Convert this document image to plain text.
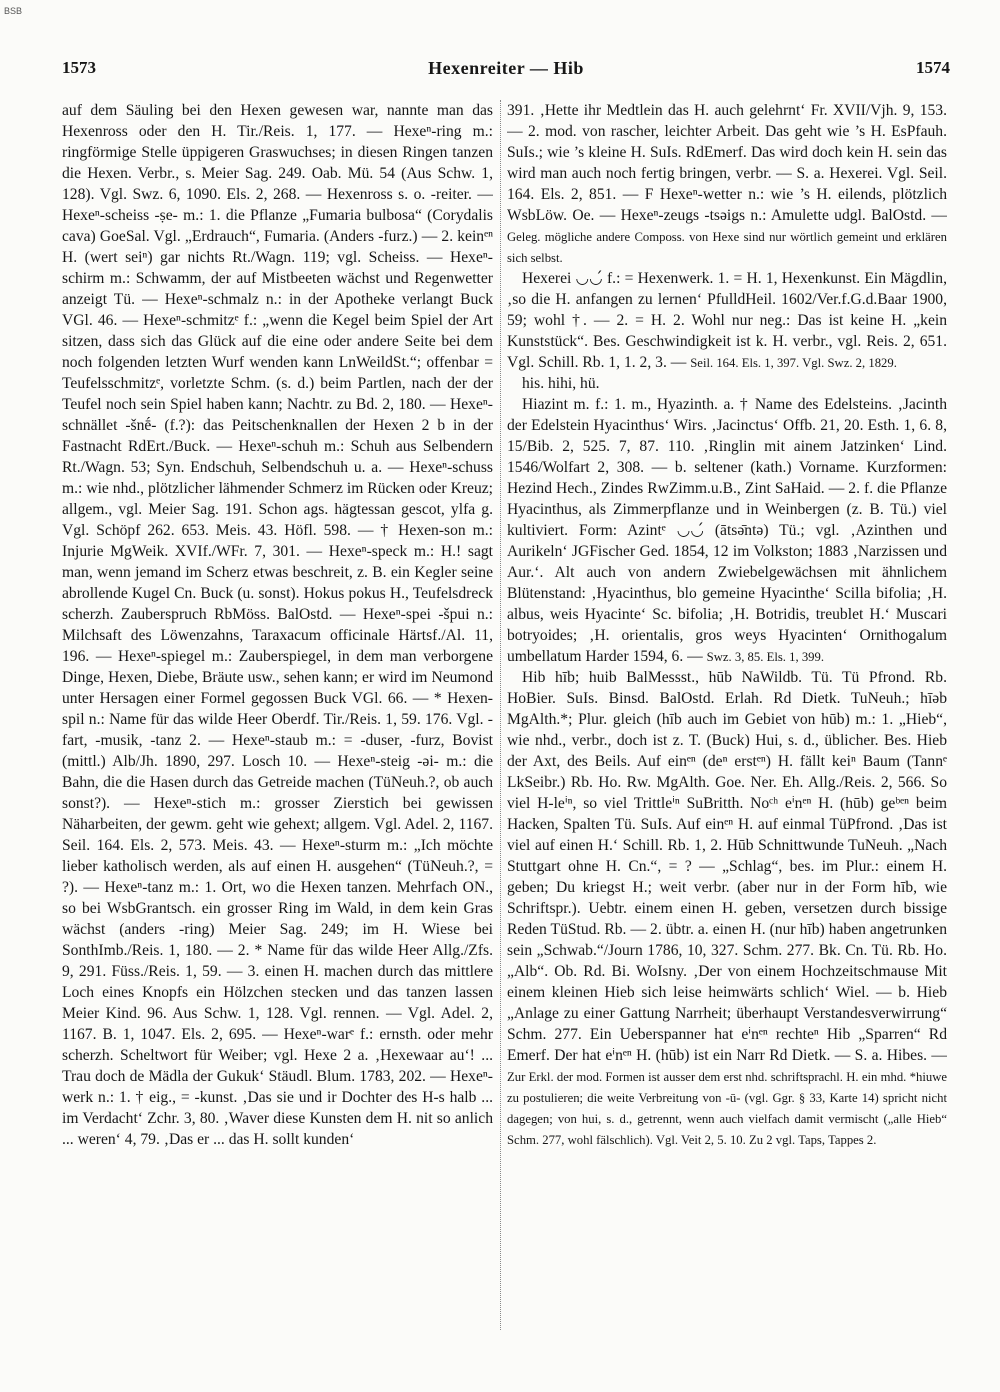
BSB
1573	Hexenreiter — Hib	1574

auf dem Säuling bei den Hexen gewesen war, nannte man das Hexenross oder den H. Tir./Reis. 1, 177. — Hexeⁿ-ring m.: ringförmige Stelle üppigeren Graswuchses; in diesen Ringen tanzen die Hexen. Verbr., s. Meier Sag. 249. Oab. Mü. 54 (Aus Schw. 1, 128). Vgl. Swz. 6, 1090. Els. 2, 268. — Hexenross s. o. -reiter. — Hexeⁿ-scheiss -ṣe- m.: 1. die Pflanze „Fumaria bulbosa“ (Corydalis cava) GoeSal. Vgl. „Erdrauch“, Fumaria. (Anders -furz.) — 2. keinᵉⁿ H. (wert seiⁿ) gar nichts Rt./Wagn. 119; vgl. Scheiss. — Hexeⁿ-schirm m.: Schwamm, der auf Mistbeeten wächst und Regenwetter anzeigt Tü. — Hexeⁿ-schmalz n.: in der Apotheke verlangt Buck VGl. 46. — Hexeⁿ-schmitzᵉ f.: „wenn die Kegel beim Spiel der Art sitzen, dass sich das Glück auf die eine oder andere Seite bei dem noch folgenden letzten Wurf wenden kann LnWeildSt.“; offenbar = Teufelsschmitzᵉ, vorletzte Schm. (s. d.) beim Partlen, nach der der Teufel noch sein Spiel haben kann; Nachtr. zu Bd. 2, 180. — Hexeⁿ-schnället -šnḗ- (f.?): das Peitschenknallen der Hexen 2 b in der Fastnacht RdErt./Buck. — Hexeⁿ-schuh m.: Schuh aus Selbendern Rt./Wagn. 53; Syn. Endschuh, Selbendschuh u. a. — Hexeⁿ-schuss m.: wie nhd., plötzlicher lähmender Schmerz im Rücken oder Kreuz; allgem., vgl. Meier Sag. 191. Schon ags. hägtessan gescot, ylfa g. Vgl. Schöpf 262. 653. Meis. 43. Höfl. 598. — † Hexen-son m.: Injurie MgWeik. XVIf./WFr. 7, 301. — Hexeⁿ-speck m.: H.! sagt man, wenn jemand im Scherz etwas beschreit, z. B. ein Kegler seine abrollende Kugel Cn. Buck (u. sonst). Hokus pokus H., Teufelsdreck scherzh. Zauberspruch RbMöss. BalOstd. — Hexeⁿ-spei -špui n.: Milchsaft des Löwenzahns, Taraxacum officinale Härtsf./Al. 11, 196. — Hexeⁿ-spiegel m.: Zauberspiegel, in dem man verborgene Dinge, Hexen, Diebe, Bräute usw., sehen kann; er wird im Neumond unter Hersagen einer Formel gegossen Buck VGl. 66. — * Hexen-spil n.: Name für das wilde Heer Oberdf. Tir./Reis. 1, 59. 176. Vgl. -fart, -musik, -tanz 2. — Hexeⁿ-staub m.: = -duser, -furz, Bovist (mittl.) Alb/Jh. 1890, 297. Losch 10. — Hexeⁿ-steig -əi- m.: die Bahn, die die Hasen durch das Getreide machen (TüNeuh.?, ob auch sonst?). — Hexeⁿ-stich m.: grosser Zierstich bei gewissen Näharbeiten, der gewm. geht wie gehext; allgem. Vgl. Adel. 2, 1167. Seil. 164. Els. 2, 573. Meis. 43. — Hexeⁿ-sturm m.: „Ich möchte lieber katholisch werden, als auf einen H. ausgehen“ (TüNeuh.?, = ?). — Hexeⁿ-tanz m.: 1. Ort, wo die Hexen tanzen. Mehrfach ON., so bei WsbGrantsch. ein grosser Ring im Wald, in dem kein Gras wächst (anders -ring) Meier Sag. 249; im H. Wiese bei SonthImb./Reis. 1, 180. — 2. * Name für das wilde Heer Allg./Zfs. 9, 291. Füss./Reis. 1, 59. — 3. einen H. machen durch das mittlere Loch eines Knopfs ein Hölzchen stecken und das tanzen lassen Meier Kind. 96. Aus Schw. 1, 128. Vgl. rennen. — Vgl. Adel. 2, 1167. B. 1, 1047. Els. 2, 695. — Hexeⁿ-warᵉ f.: ernsth. oder mehr scherzh. Scheltwort für Weiber; vgl. Hexe 2 a. ‚Hexewaar au‘! ... Trau doch de Mädla der Gukuk‘ Stäudl. Blum. 1783, 202. — Hexeⁿ-werk n.: 1. † eig., = -kunst. ‚Das sie und ir Dochter des H-s halb ... im Verdacht‘ Zchr. 3, 80. ‚Waver diese Kunsten dem H. nit so anlich ... weren‘ 4, 79. ‚Das er ... das H. sollt kunden‘

391. ‚Hette ihr Medtlein das H. auch gelehrnt‘ Fr. XVII/Vjh. 9, 153. — 2. mod. von rascher, leichter Arbeit. Das geht wie ’s H. EsPfauh. SuIs.; wie ’s kleine H. SuIs. RdEmerf. Das wird doch kein H. sein das wird man auch noch fertig bringen, verbr. — S. a. Hexerei. Vgl. Seil. 164. Els. 2, 851. — F Hexeⁿ-wetter n.: wie ’s H. eilends, plötzlich WsbLöw. Oe. — Hexeⁿ-zeugs -tsəigs n.: Amulette udgl. BalOstd. — Geleg. mögliche andere Composs. von Hexe sind nur wörtlich gemeint und erklären sich selbst.

Hexerei ◡◡́ f.: = Hexenwerk. 1. = H. 1, Hexenkunst. Ein Mägdlin, ‚so die H. anfangen zu lernen‘ PfulldHeil. 1602/Ver.f.G.d.Baar 1900, 59; wohl †. — 2. = H. 2. Wohl nur neg.: Das ist keine H. „kein Kunststück“. Bes. Geschwindigkeit ist k. H. verbr., vgl. Reis. 2, 651. Vgl. Schill. Rb. 1, 1. 2, 3. — Seil. 164. Els. 1, 397. Vgl. Swz. 2, 1829.

his. hihi, hü.

Hiazint m. f.: 1. m., Hyazinth. a. † Name des Edelsteins. ‚Jacinth der Edelstein Hyacinthus‘ Wirs. ‚Jacinctus‘ Offb. 21, 20. Esth. 1, 6. 8, 15/Bib. 2, 525. 7, 87. 110. ‚Ringlin mit ainem Jatzinken‘ Lind. 1546/Wolfart 2, 308. — b. seltener (kath.) Vorname. Kurzformen: Hezind Hech., Zindes RwZimm.u.B., Zint SaHaid. — 2. f. die Pflanze Hyacinthus, als Zimmerpflanze und in Weinbergen (z. B. Tü.) viel kultiviert. Form: Azintᵉ ◡◡́ (ātsə̄ntə) Tü.; vgl. ‚Azinthen und Aurikeln‘ JGFischer Ged. 1854, 12 im Volkston; 1883 ‚Narzissen und Aur.‘. Alt auch von andern Zwiebelgewächsen mit ähnlichem Blütenstand: ‚Hyacinthus, blo gemeine Hyacinthe‘ Scilla bifolia; ‚H. albus, weis Hyacinte‘ Sc. bifolia; ‚H. Botridis, treublet H.‘ Muscari botryoides; ‚H. orientalis, gros weys Hyacinten‘ Ornithogalum umbellatum Harder 1594, 6. — Swz. 3, 85. Els. 1, 399.

Hib hīb; huib BalMessst., hūb NaWildb. Tü. Tü Pfrond. Rb. HoBier. SuIs. Binsd. BalOstd. Erlah. Rd Dietk. TuNeuh.; hīəb MgAlth.*; Plur. gleich (hīb auch im Gebiet von hūb) m.: 1. „Hieb“, wie nhd., verbr., doch ist z. T. (Buck) Hui, s. d., üblicher. Bes. Hieb der Axt, des Beils. Auf einᵉⁿ (deⁿ erstᵉⁿ) H. fällt keiⁿ Baum (Tannᵉ LkSeibr.) Rb. Ho. Rw. MgAlth. Goe. Ner. Eh. Allg./Reis. 2, 566. So viel H-leⁱⁿ, so viel Trittleⁱⁿ SuBritth. Noᶜʰ eⁱnᵉⁿ H. (hūb) geᵇᵉⁿ beim Hacken, Spalten Tü. SuIs. Auf einᵉⁿ H. auf einmal TüPfrond. ‚Das ist viel auf einen H.‘ Schill. Rb. 1, 2. Hūb Schnittwunde TuNeuh. „Nach Stuttgart ohne H. Cn.“, = ? — „Schlag“, bes. im Plur.: einem H. geben; Du kriegst H.; weit verbr. (aber nur in der Form hīb, wie Schriftspr.). Uebtr. einem einen H. geben, versetzen durch bissige Reden TüStud. Rb. — 2. übtr. a. einen H. (nur hīb) haben angetrunken sein „Schwab.“/Journ 1786, 10, 327. Schm. 277. Bk. Cn. Tü. Rb. Ho. „Alb“. Ob. Rd. Bi. WoIsny. ‚Der von einem Hochzeitschmause Mit einem kleinen Hieb sich leise heimwärts schlich‘ Wiel. — b. Hieb „Anlage zu einer Gattung Narrheit; überhaupt Verstandesverwirrung“ Schm. 277. Ein Ueberspanner hat eⁱnᵉⁿ rechteⁿ Hib „Sparren“ Rd Emerf. Der hat eⁱnᵉⁿ H. (hūb) ist ein Narr Rd Dietk. — S. a. Hibes. — Zur Erkl. der mod. Formen ist ausser dem erst nhd. schriftsprachl. H. ein mhd. *hiuwe zu postulieren; die weite Verbreitung von -ū- (vgl. Ggr. § 33, Karte 14) spricht nicht dagegen; von hui, s. d., getrennt, wenn auch vielfach damit vermischt („alle Hieb“ Schm. 277, wohl fälschlich). Vgl. Veit 2, 5. 10. Zu 2 vgl. Taps, Tappes 2.
